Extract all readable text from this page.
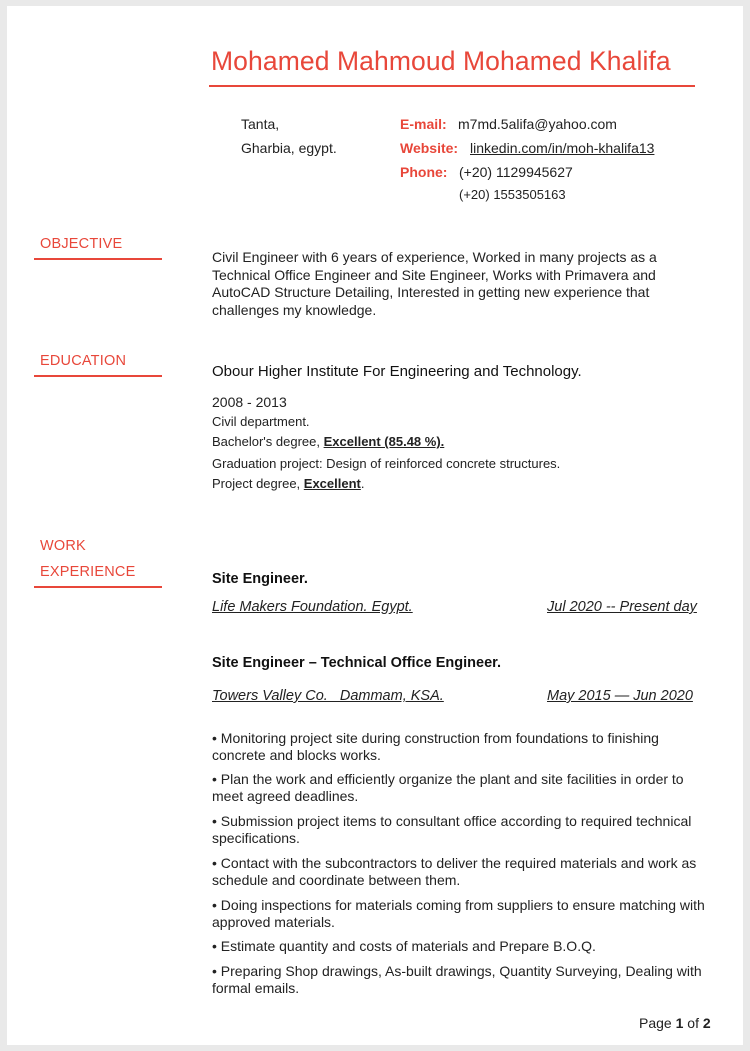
Mohamed Mahmoud Mohamed Khalifa
Tanta,
Gharbia, egypt.
E-mail: m7md.5alifa@yahoo.com
Website: linkedin.com/in/moh-khalifa13
Phone: (+20) 1129945627
(+20) 1553505163
OBJECTIVE
Civil Engineer with 6 years of experience, Worked in many projects as a Technical Office Engineer and Site Engineer, Works with Primavera and AutoCAD Structure Detailing, Interested in getting new experience that challenges my knowledge.
EDUCATION
Obour Higher Institute For Engineering and Technology.
2008 - 2013
Civil department.
Bachelor's degree, Excellent (85.48 %).
Graduation project: Design of reinforced concrete structures.
Project degree, Excellent.
WORK
EXPERIENCE	Site Engineer.
Life Makers Foundation. Egypt.	Jul 2020 -- Present day
Site Engineer – Technical Office Engineer.
Towers Valley Co.   Dammam, KSA.	May 2015 — Jun 2020
• Monitoring project site during construction from foundations to finishing concrete and blocks works.
• Plan the work and efficiently organize the plant and site facilities in order to meet agreed deadlines.
• Submission project items to consultant office according to required technical specifications.
• Contact with the subcontractors to deliver the required materials and work as schedule and coordinate between them.
• Doing inspections for materials coming from suppliers to ensure matching with approved materials.
• Estimate quantity and costs of materials and Prepare B.O.Q.
• Preparing Shop drawings, As-built drawings, Quantity Surveying, Dealing with formal emails.
Page 1 of 2
